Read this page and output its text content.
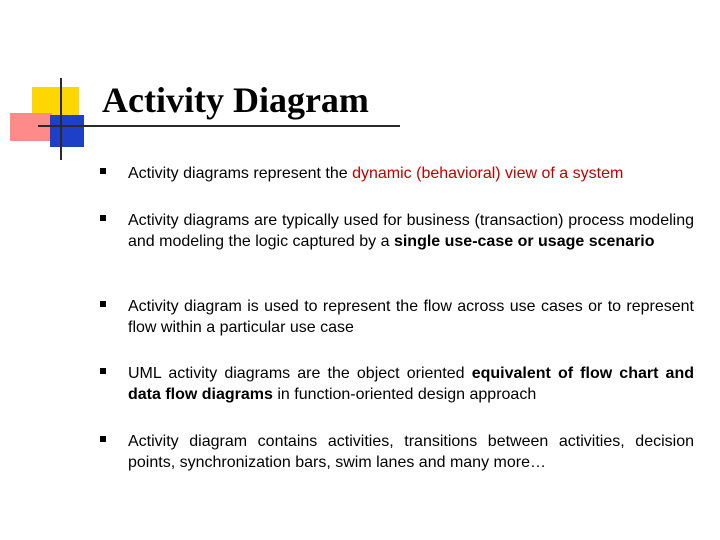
Activity Diagram
Activity diagrams represent the dynamic (behavioral) view of a system
Activity diagrams are typically used for business (transaction) process modeling and modeling the logic captured by a single use-case or usage scenario
Activity diagram is used to represent the flow across use cases or to represent flow within a particular use case
UML activity diagrams are the object oriented equivalent of flow chart and data flow diagrams in function-oriented design approach
Activity diagram contains activities, transitions between activities, decision points, synchronization bars, swim lanes and many more…
